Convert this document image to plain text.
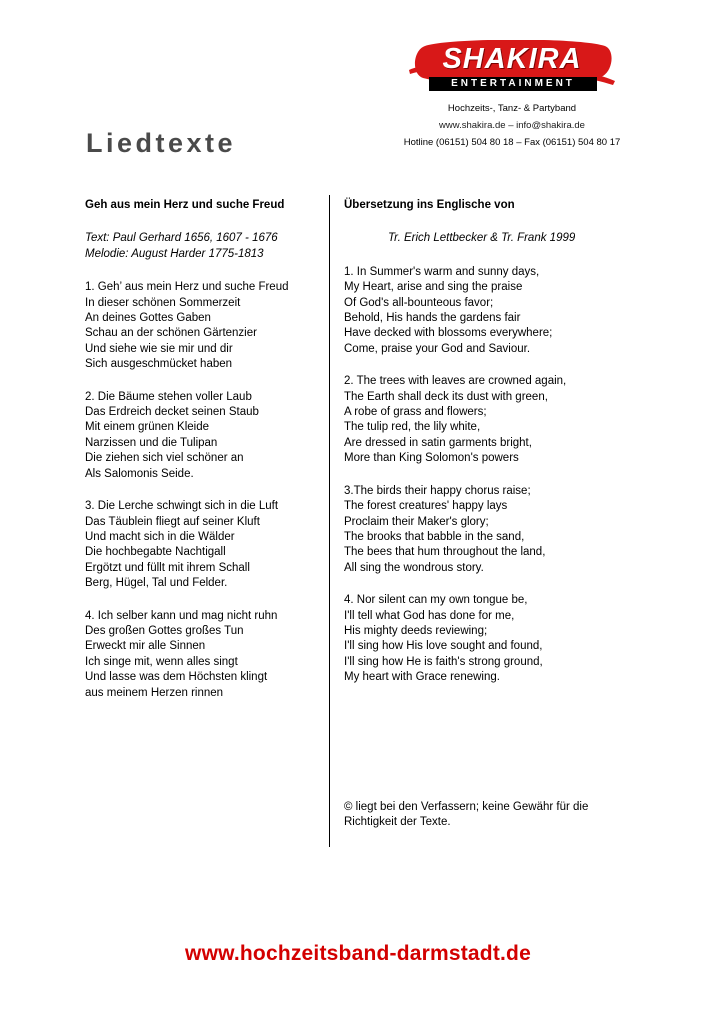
Liedtexte
SHAKIRA
ENTERTAINMENT
Hochzeits-, Tanz- & Partyband
www.shakira.de – info@shakira.de
Hotline (06151) 504 80 18 – Fax (06151) 504 80 17
Geh aus mein Herz und suche Freud
Text: Paul Gerhard 1656, 1607 - 1676
Melodie: August Harder 1775-1813
1. Geh’ aus mein Herz und suche Freud
In dieser schönen Sommerzeit
An deines Gottes Gaben
Schau an der schönen Gärtenzier
Und siehe wie sie mir und dir
Sich ausgeschmücket haben
2. Die Bäume stehen voller Laub
Das Erdreich decket seinen Staub
Mit einem grünen Kleide
Narzissen und die Tulipan
Die ziehen sich viel schöner an
Als Salomonis Seide.
3. Die Lerche schwingt sich in die Luft
Das Täublein fliegt auf seiner Kluft
Und macht sich in die Wälder
Die hochbegabte Nachtigall
Ergötzt und füllt mit ihrem Schall
Berg, Hügel, Tal und Felder.
4. Ich selber kann und mag nicht ruhn
Des großen Gottes großes Tun
Erweckt mir alle Sinnen
Ich singe mit, wenn alles singt
Und lasse was dem Höchsten klingt
aus meinem Herzen rinnen
Übersetzung ins Englische von
Tr. Erich Lettbecker & Tr. Frank 1999
1. In Summer's warm and sunny days,
My Heart, arise and sing the praise
Of God's all-bounteous favor;
Behold, His hands the gardens fair
Have decked with blossoms everywhere;
Come, praise your God and Saviour.
2. The trees with leaves are crowned again,
The Earth shall deck its dust with green,
A robe of grass and flowers;
The tulip red, the lily white,
Are dressed in satin garments bright,
More than King Solomon's powers
3.The birds their happy chorus raise;
The forest creatures' happy lays
Proclaim their Maker's glory;
The brooks that babble in the sand,
The bees that hum throughout the land,
All sing the wondrous story.
4. Nor silent can my own tongue be,
I'll tell what God has done for me,
His mighty deeds reviewing;
I'll sing how His love sought and found,
I'll sing how He is faith's strong ground,
My heart with Grace renewing.
© liegt bei den Verfassern; keine Gewähr für die Richtigkeit der Texte.
www.hochzeitsband-darmstadt.de
